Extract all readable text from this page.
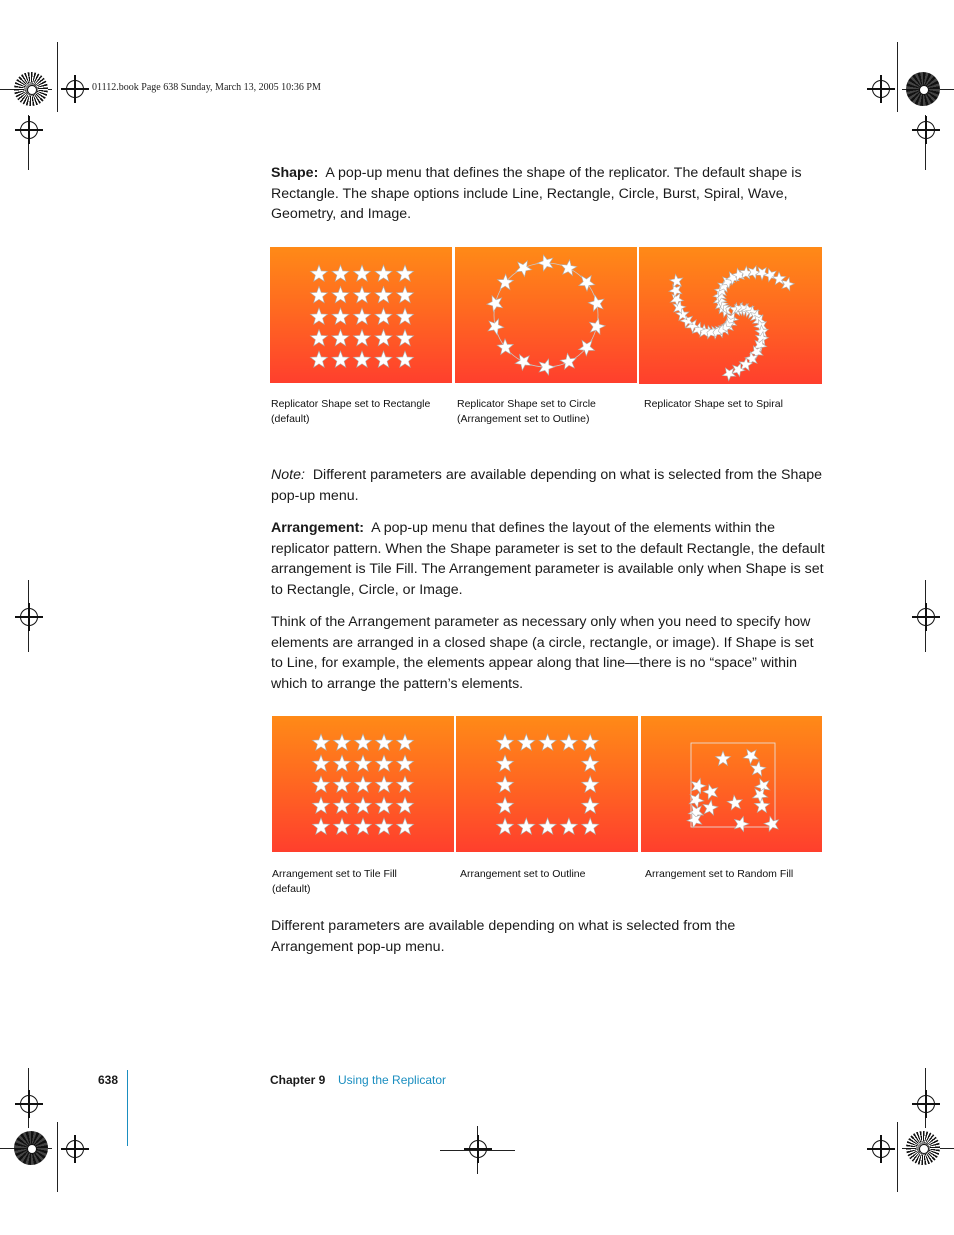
01112.book Page 638 Sunday, March 13, 2005 10:36 PM

Shape: A pop-up menu that defines the shape of the replicator. The default shape is Rectangle. The shape options include Line, Rectangle, Circle, Burst, Spiral, Wave, Geometry, and Image.

Replicator Shape set to Rectangle
(default)

Replicator Shape set to Circle
(Arrangement set to Outline)

Replicator Shape set to Spiral

Note: Different parameters are available depending on what is selected from the Shape pop-up menu.

Arrangement: A pop-up menu that defines the layout of the elements within the replicator pattern. When the Shape parameter is set to the default Rectangle, the default arrangement is Tile Fill. The Arrangement parameter is available only when Shape is set to Rectangle, Circle, or Image.

Think of the Arrangement parameter as necessary only when you need to specify how elements are arranged in a closed shape (a circle, rectangle, or image). If Shape is set to Line, for example, the elements appear along that line—there is no “space” within which to arrange the pattern’s elements.

Arrangement set to Tile Fill
(default)

Arrangement set to Outline	Arrangement set to Random Fill

Different parameters are available depending on what is selected from the Arrangement pop-up menu.

638	Chapter 9 Using the Replicator
